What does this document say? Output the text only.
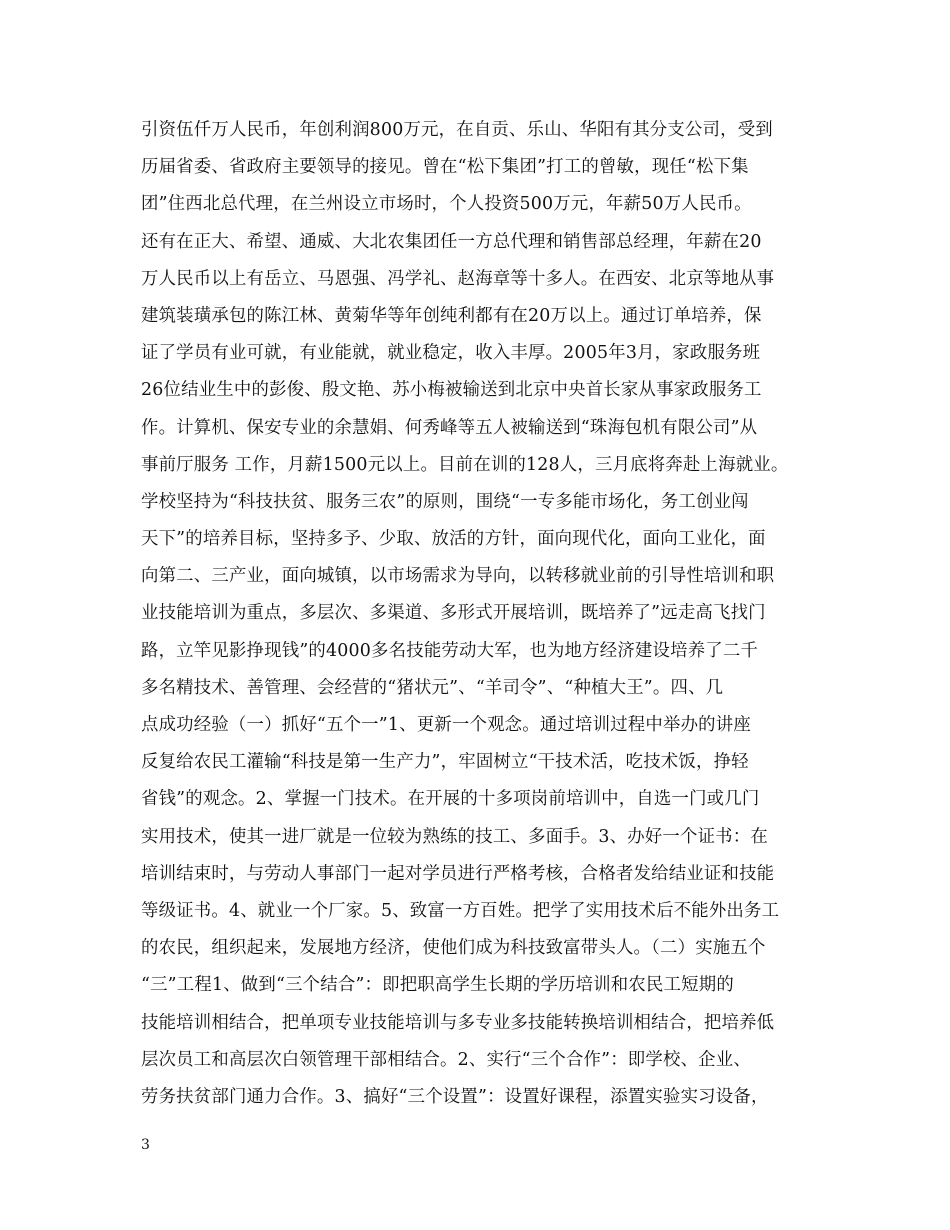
引资伍仟万人民币，年创利润800万元，在自贡、乐山、华阳有其分支公司，受到
历届省委、省政府主要领导的接见。曾在“松下集团”打工的曾敏，现任“松下集
团”住西北总代理，在兰州设立市场时，个人投资500万元，年薪50万人民币。
还有在正大、希望、通威、大北农集团任一方总代理和销售部总经理，年薪在20
万人民币以上有岳立、马恩强、冯学礼、赵海章等十多人。在西安、北京等地从事
建筑装璜承包的陈江林、黄菊华等年创纯利都有在20万以上。通过订单培养，保
证了学员有业可就，有业能就，就业稳定，收入丰厚。2005年3月，家政服务班
26位结业生中的彭俊、殷文艳、苏小梅被输送到北京中央首长家从事家政服务工
作。计算机、保安专业的余慧娟、何秀峰等五人被输送到“珠海包机有限公司”从
事前厅服务 工作，月薪1500元以上。目前在训的128人，三月底将奔赴上海就业。
学校坚持为“科技扶贫、服务三农”的原则，围绕“一专多能市场化，务工创业闯
天下”的培养目标，坚持多予、少取、放活的方针，面向现代化，面向工业化，面
向第二、三产业，面向城镇，以市场需求为导向，以转移就业前的引导性培训和职
业技能培训为重点，多层次、多渠道、多形式开展培训，既培养了”远走高飞找门
路，立竿见影挣现钱”的4000多名技能劳动大军，也为地方经济建设培养了二千
多名精技术、善管理、会经营的“猪状元”、“羊司令”、“种植大王”。四、几
点成功经验（一）抓好“五个一”1、更新一个观念。通过培训过程中举办的讲座
反复给农民工灌输“科技是第一生产力”，牢固树立“干技术活，吃技术饭，挣轻
省钱”的观念。2、掌握一门技术。在开展的十多项岗前培训中，自选一门或几门
实用技术，使其一进厂就是一位较为熟练的技工、多面手。3、办好一个证书：在
培训结束时，与劳动人事部门一起对学员进行严格考核，合格者发给结业证和技能
等级证书。4、就业一个厂家。5、致富一方百姓。把学了实用技术后不能外出务工
的农民，组织起来，发展地方经济，使他们成为科技致富带头人。（二）实施五个
“三”工程1、做到“三个结合”：即把职高学生长期的学历培训和农民工短期的
技能培训相结合，把单项专业技能培训与多专业多技能转换培训相结合，把培养低
层次员工和高层次白领管理干部相结合。2、实行“三个合作”：即学校、企业、
劳务扶贫部门通力合作。3、搞好“三个设置”：设置好课程，添置实验实习设备，
3
